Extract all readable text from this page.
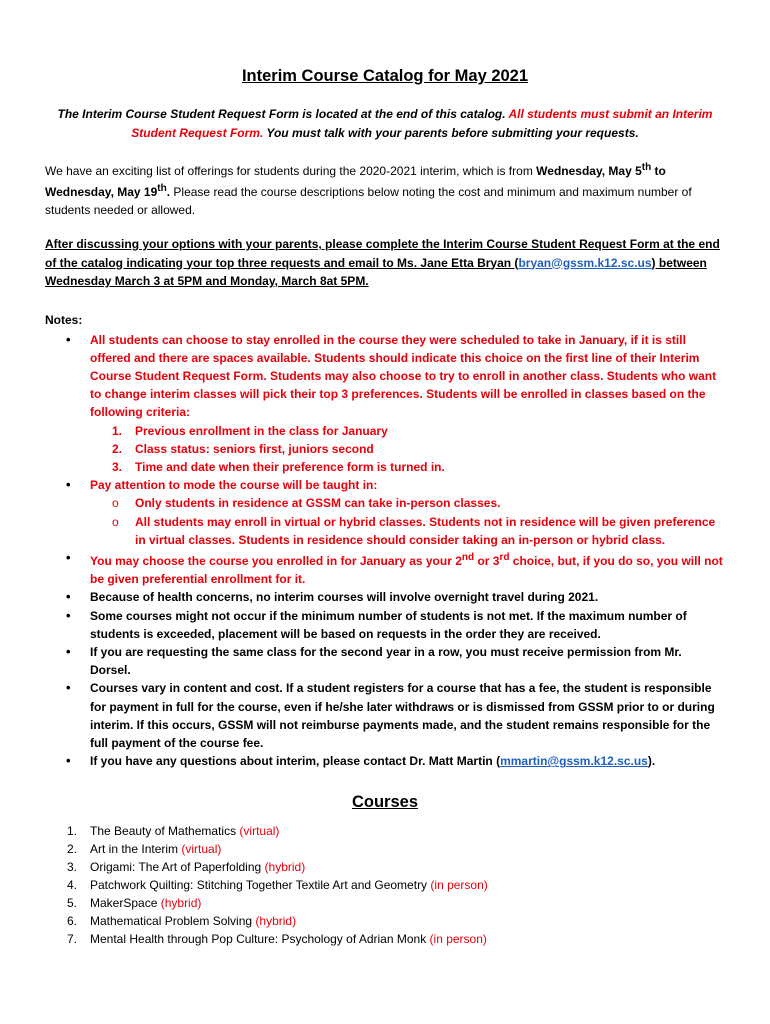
Interim Course Catalog for May 2021

The Interim Course Student Request Form is located at the end of this catalog. All students must submit an Interim Student Request Form. You must talk with your parents before submitting your requests.

We have an exciting list of offerings for students during the 2020-2021 interim, which is from Wednesday, May 5th to Wednesday, May 19th. Please read the course descriptions below noting the cost and minimum and maximum number of students needed or allowed.

After discussing your options with your parents, please complete the Interim Course Student Request Form at the end of the catalog indicating your top three requests and email to Ms. Jane Etta Bryan (bryan@gssm.k12.sc.us) between Wednesday March 3 at 5PM and Monday, March 8at 5PM.

Notes:
• All students can choose to stay enrolled in the course they were scheduled to take in January, if it is still offered and there are spaces available. Students should indicate this choice on the first line of their Interim Course Student Request Form. Students may also choose to try to enroll in another class. Students who want to change interim classes will pick their top 3 preferences. Students will be enrolled in classes based on the following criteria:
1. Previous enrollment in the class for January
2. Class status: seniors first, juniors second
3. Time and date when their preference form is turned in.
• Pay attention to mode the course will be taught in:
o Only students in residence at GSSM can take in-person classes.
o All students may enroll in virtual or hybrid classes. Students not in residence will be given preference in virtual classes. Students in residence should consider taking an in-person or hybrid class.
• You may choose the course you enrolled in for January as your 2nd or 3rd choice, but, if you do so, you will not be given preferential enrollment for it.
• Because of health concerns, no interim courses will involve overnight travel during 2021.
• Some courses might not occur if the minimum number of students is not met. If the maximum number of students is exceeded, placement will be based on requests in the order they are received.
• If you are requesting the same class for the second year in a row, you must receive permission from Mr. Dorsel.
• Courses vary in content and cost. If a student registers for a course that has a fee, the student is responsible for payment in full for the course, even if he/she later withdraws or is dismissed from GSSM prior to or during interim. If this occurs, GSSM will not reimburse payments made, and the student remains responsible for the full payment of the course fee.
• If you have any questions about interim, please contact Dr. Matt Martin (mmartin@gssm.k12.sc.us).
Courses
1. The Beauty of Mathematics (virtual)
2. Art in the Interim (virtual)
3. Origami: The Art of Paperfolding (hybrid)
4. Patchwork Quilting: Stitching Together Textile Art and Geometry (in person)
5. MakerSpace (hybrid)
6. Mathematical Problem Solving (hybrid)
7. Mental Health through Pop Culture: Psychology of Adrian Monk (in person)
